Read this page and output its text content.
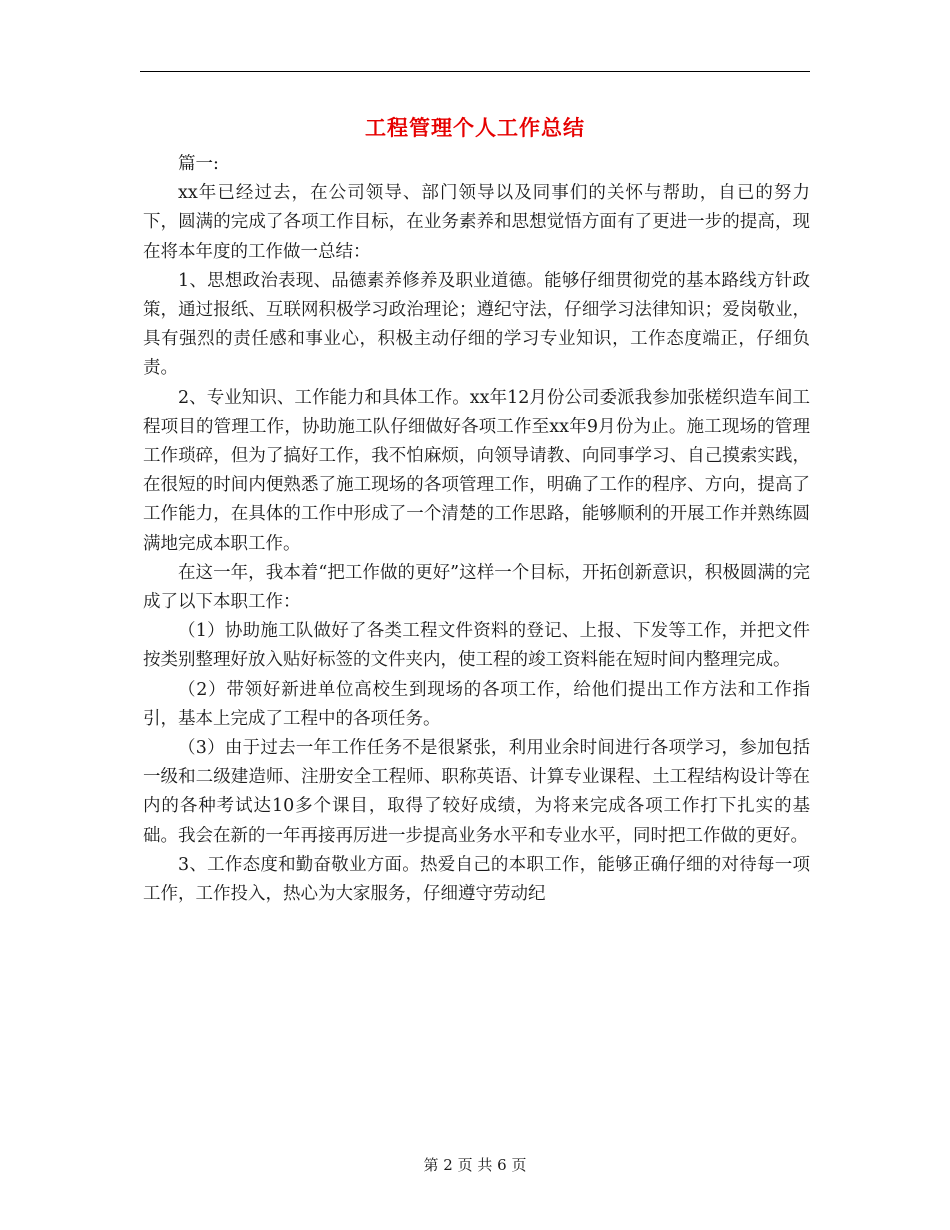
工程管理个人工作总结

篇一:

xx年已经过去，在公司领导、部门领导以及同事们的关怀与帮助，自已的努力下，圆满的完成了各项工作目标，在业务素养和思想觉悟方面有了更进一步的提高，现在将本年度的工作做一总结：

1、思想政治表现、品德素养修养及职业道德。能够仔细贯彻党的基本路线方针政策，通过报纸、互联网积极学习政治理论；遵纪守法，仔细学习法律知识；爱岗敬业，具有强烈的责任感和事业心，积极主动仔细的学习专业知识，工作态度端正，仔细负责。

2、专业知识、工作能力和具体工作。xx年12月份公司委派我参加张槎织造车间工程项目的管理工作，协助施工队仔细做好各项工作至xx年9月份为止。施工现场的管理工作琐碎，但为了搞好工作，我不怕麻烦，向领导请教、向同事学习、自己摸索实践，在很短的时间内便熟悉了施工现场的各项管理工作，明确了工作的程序、方向，提高了工作能力，在具体的工作中形成了一个清楚的工作思路，能够顺利的开展工作并熟练圆满地完成本职工作。

在这一年，我本着“把工作做的更好”这样一个目标，开拓创新意识，积极圆满的完成了以下本职工作：

（1）协助施工队做好了各类工程文件资料的登记、上报、下发等工作，并把文件按类别整理好放入贴好标签的文件夹内，使工程的竣工资料能在短时间内整理完成。

（2）带领好新进单位高校生到现场的各项工作，给他们提出工作方法和工作指引，基本上完成了工程中的各项任务。

（3）由于过去一年工作任务不是很紧张，利用业余时间进行各项学习，参加包括一级和二级建造师、注册安全工程师、职称英语、计算专业课程、土工程结构设计等在内的各种考试达10多个课目，取得了较好成绩，为将来完成各项工作打下扎实的基础。我会在新的一年再接再厉进一步提高业务水平和专业水平，同时把工作做的更好。

3、工作态度和勤奋敬业方面。热爱自己的本职工作，能够正确仔细的对待每一项工作，工作投入，热心为大家服务，仔细遵守劳动纪

第 2 页 共 6 页
